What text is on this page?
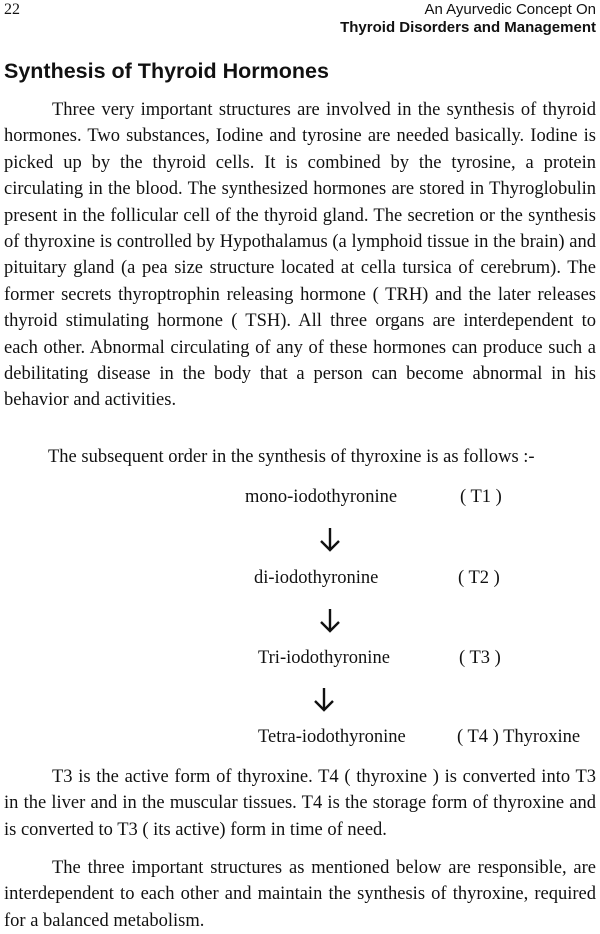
22	An Ayurvedic Concept On
Thyroid Disorders and Management
Synthesis of Thyroid Hormones

Three very important structures are involved in the synthesis of thyroid hormones. Two substances, Iodine and tyrosine are needed basically. Iodine is picked up by the thyroid cells. It is combined by the tyrosine, a protein circulating in the blood. The synthesized hormones are stored in Thyroglobulin present in the follicular cell of the thyroid gland. The secretion or the synthesis of thyroxine is controlled by Hypothalamus (a lymphoid tissue in the brain) and pituitary gland (a pea size structure located at cella tursica of cerebrum). The former secrets thyroptrophin releasing hormone ( TRH) and the later releases thyroid stimulating hormone ( TSH). All three organs are interdependent to each other. Abnormal circulating of any of these hormones can produce such a debilitating disease in the body that a person can become abnormal in his behavior and activities.

The subsequent order in the synthesis of thyroxine is as follows :-

mono-iodothyronine	( T1 )
di-iodothyronine	( T2 )
Tri-iodothyronine	( T3 )
Tetra-iodothyronine	( T4 ) Thyroxine

T3 is the active form of thyroxine. T4 ( thyroxine ) is converted into T3 in the liver and in the muscular tissues. T4 is the storage form of thyroxine and is converted to T3 ( its active) form in time of need.

The three important structures as mentioned below are responsible, are interdependent to each other and maintain the synthesis of thyroxine, required for a balanced metabolism.
